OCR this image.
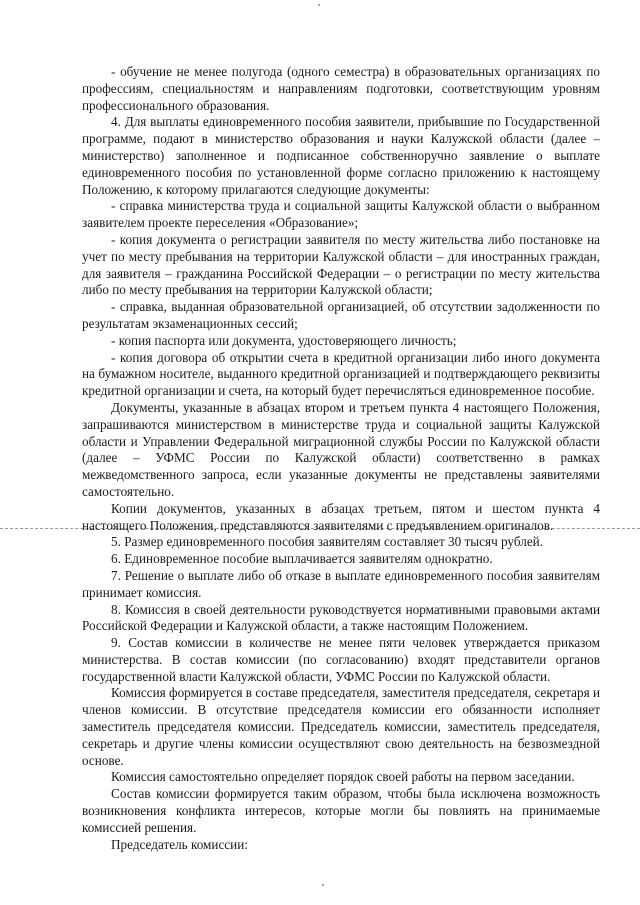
- обучение не менее полугода (одного семестра) в образовательных организациях по профессиям, специальностям и направлениям подготовки, соответствующим уровням профессионального образования.

4. Для выплаты единовременного пособия заявители, прибывшие по Государственной программе, подают в министерство образования и науки Калужской области (далее – министерство) заполненное и подписанное собственноручно заявление о выплате единовременного пособия по установленной форме согласно приложению к настоящему Положению, к которому прилагаются следующие документы:

- справка министерства труда и социальной защиты Калужской области о выбранном заявителем проекте переселения «Образование»;

- копия документа о регистрации заявителя по месту жительства либо постановке на учет по месту пребывания на территории Калужской области – для иностранных граждан, для заявителя – гражданина Российской Федерации – о регистрации по месту жительства либо по месту пребывания на территории Калужской области;

- справка, выданная образовательной организацией, об отсутствии задолженности по результатам экзаменационных сессий;

- копия паспорта или документа, удостоверяющего личность;

- копия договора об открытии счета в кредитной организации либо иного документа на бумажном носителе, выданного кредитной организацией и подтверждающего реквизиты кредитной организации и счета, на который будет перечисляться единовременное пособие.

Документы, указанные в абзацах втором и третьем пункта 4 настоящего Положения, запрашиваются министерством в министерстве труда и социальной защиты Калужской области и Управлении Федеральной миграционной службы России по Калужской области (далее – УФМС России по Калужской области) соответственно в рамках межведомственного запроса, если указанные документы не представлены заявителями самостоятельно.

Копии документов, указанных в абзацах третьем, пятом и шестом пункта 4 настоящего Положения, представляются заявителями с предъявлением оригиналов.

5. Размер единовременного пособия заявителям составляет 30 тысяч рублей.

6. Единовременное пособие выплачивается заявителям однократно.

7. Решение о выплате либо об отказе в выплате единовременного пособия заявителям принимает комиссия.

8. Комиссия в своей деятельности руководствуется нормативными правовыми актами Российской Федерации и Калужской области, а также настоящим Положением.

9. Состав комиссии в количестве не менее пяти человек утверждается приказом министерства. В состав комиссии (по согласованию) входят представители органов государственной власти Калужской области, УФМС России по Калужской области.

Комиссия формируется в составе председателя, заместителя председателя, секретаря и членов комиссии. В отсутствие председателя комиссии его обязанности исполняет заместитель председателя комиссии. Председатель комиссии, заместитель председателя, секретарь и другие члены комиссии осуществляют свою деятельность на безвозмездной основе.

Комиссия самостоятельно определяет порядок своей работы на первом заседании.

Состав комиссии формируется таким образом, чтобы была исключена возможность возникновения конфликта интересов, которые могли бы повлиять на принимаемые комиссией решения.

Председатель комиссии:
